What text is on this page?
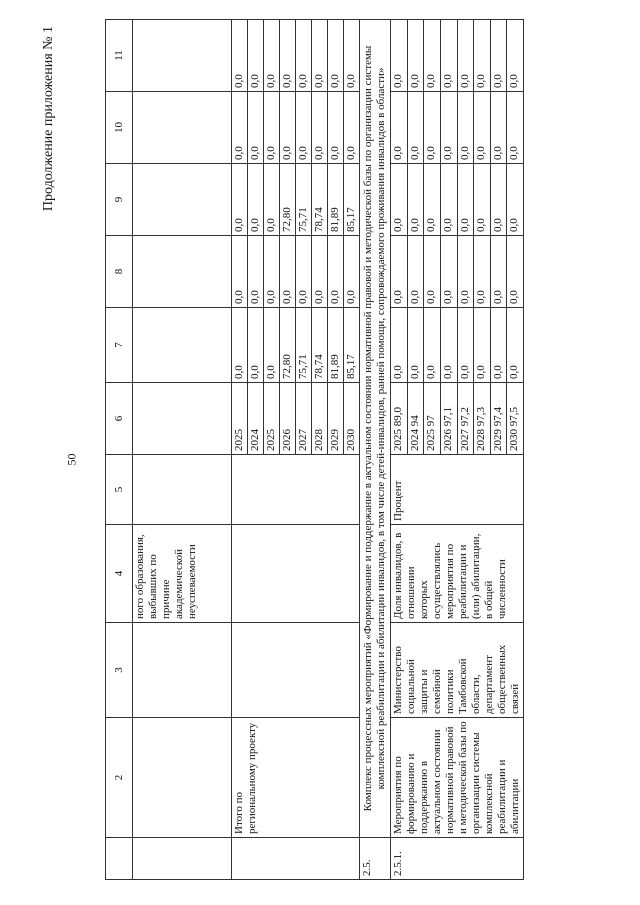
50
Продолжение приложения № 1
	2	3	4	5	6	7	8	9	10	11
			ного образования, выбывших по причине академической неуспеваемости							
	Итого по региональному проекту				2025	0,0	0,0	0,0	0,0	0,0
					2024	0,0	0,0	0,0	0,0	0,0
					2025	0,0	0,0	0,0	0,0	0,0
					2026	72,80	0,0	72,80	0,0	0,0
					2027	75,71	0,0	75,71	0,0	0,0
					2028	78,74	0,0	78,74	0,0	0,0
					2029	81,89	0,0	81,89	0,0	0,0
					2030	85,17	0,0	85,17	0,0	0,0
2.5.	Комплекс процессных мероприятий «Формирование и поддержание в актуальном состоянии нормативной правовой и методической базы по организации системы комплексной реабилитации и абилитации инвалидов, в том числе детей-инвалидов, ранней помощи, сопровождаемого проживания инвалидов в области»									
2.5.1.	Мероприятия по формированию и поддержанию в актуальном состоянии нормативной правовой и методической базы по организации системы комплексной реабилитации и абилитации	Министерство социальной защиты и семейной политики Тамбовской области, департамент общественных связей	Доля инвалидов, в отношении которых осуществлялись мероприятия по реабилитации и (или) абилитации, в общей численности	Процент	2025 89,0	0,0	0,0	0,0	0,0	0,0
					2024 94	0,0	0,0	0,0	0,0	0,0
					2025 97	0,0	0,0	0,0	0,0	0,0
					2026 97,1	0,0	0,0	0,0	0,0	0,0
					2027 97,2	0,0	0,0	0,0	0,0	0,0
					2028 97,3	0,0	0,0	0,0	0,0	0,0
					2029 97,4	0,0	0,0	0,0	0,0	0,0
					2030 97,5	0,0	0,0	0,0	0,0	0,0
